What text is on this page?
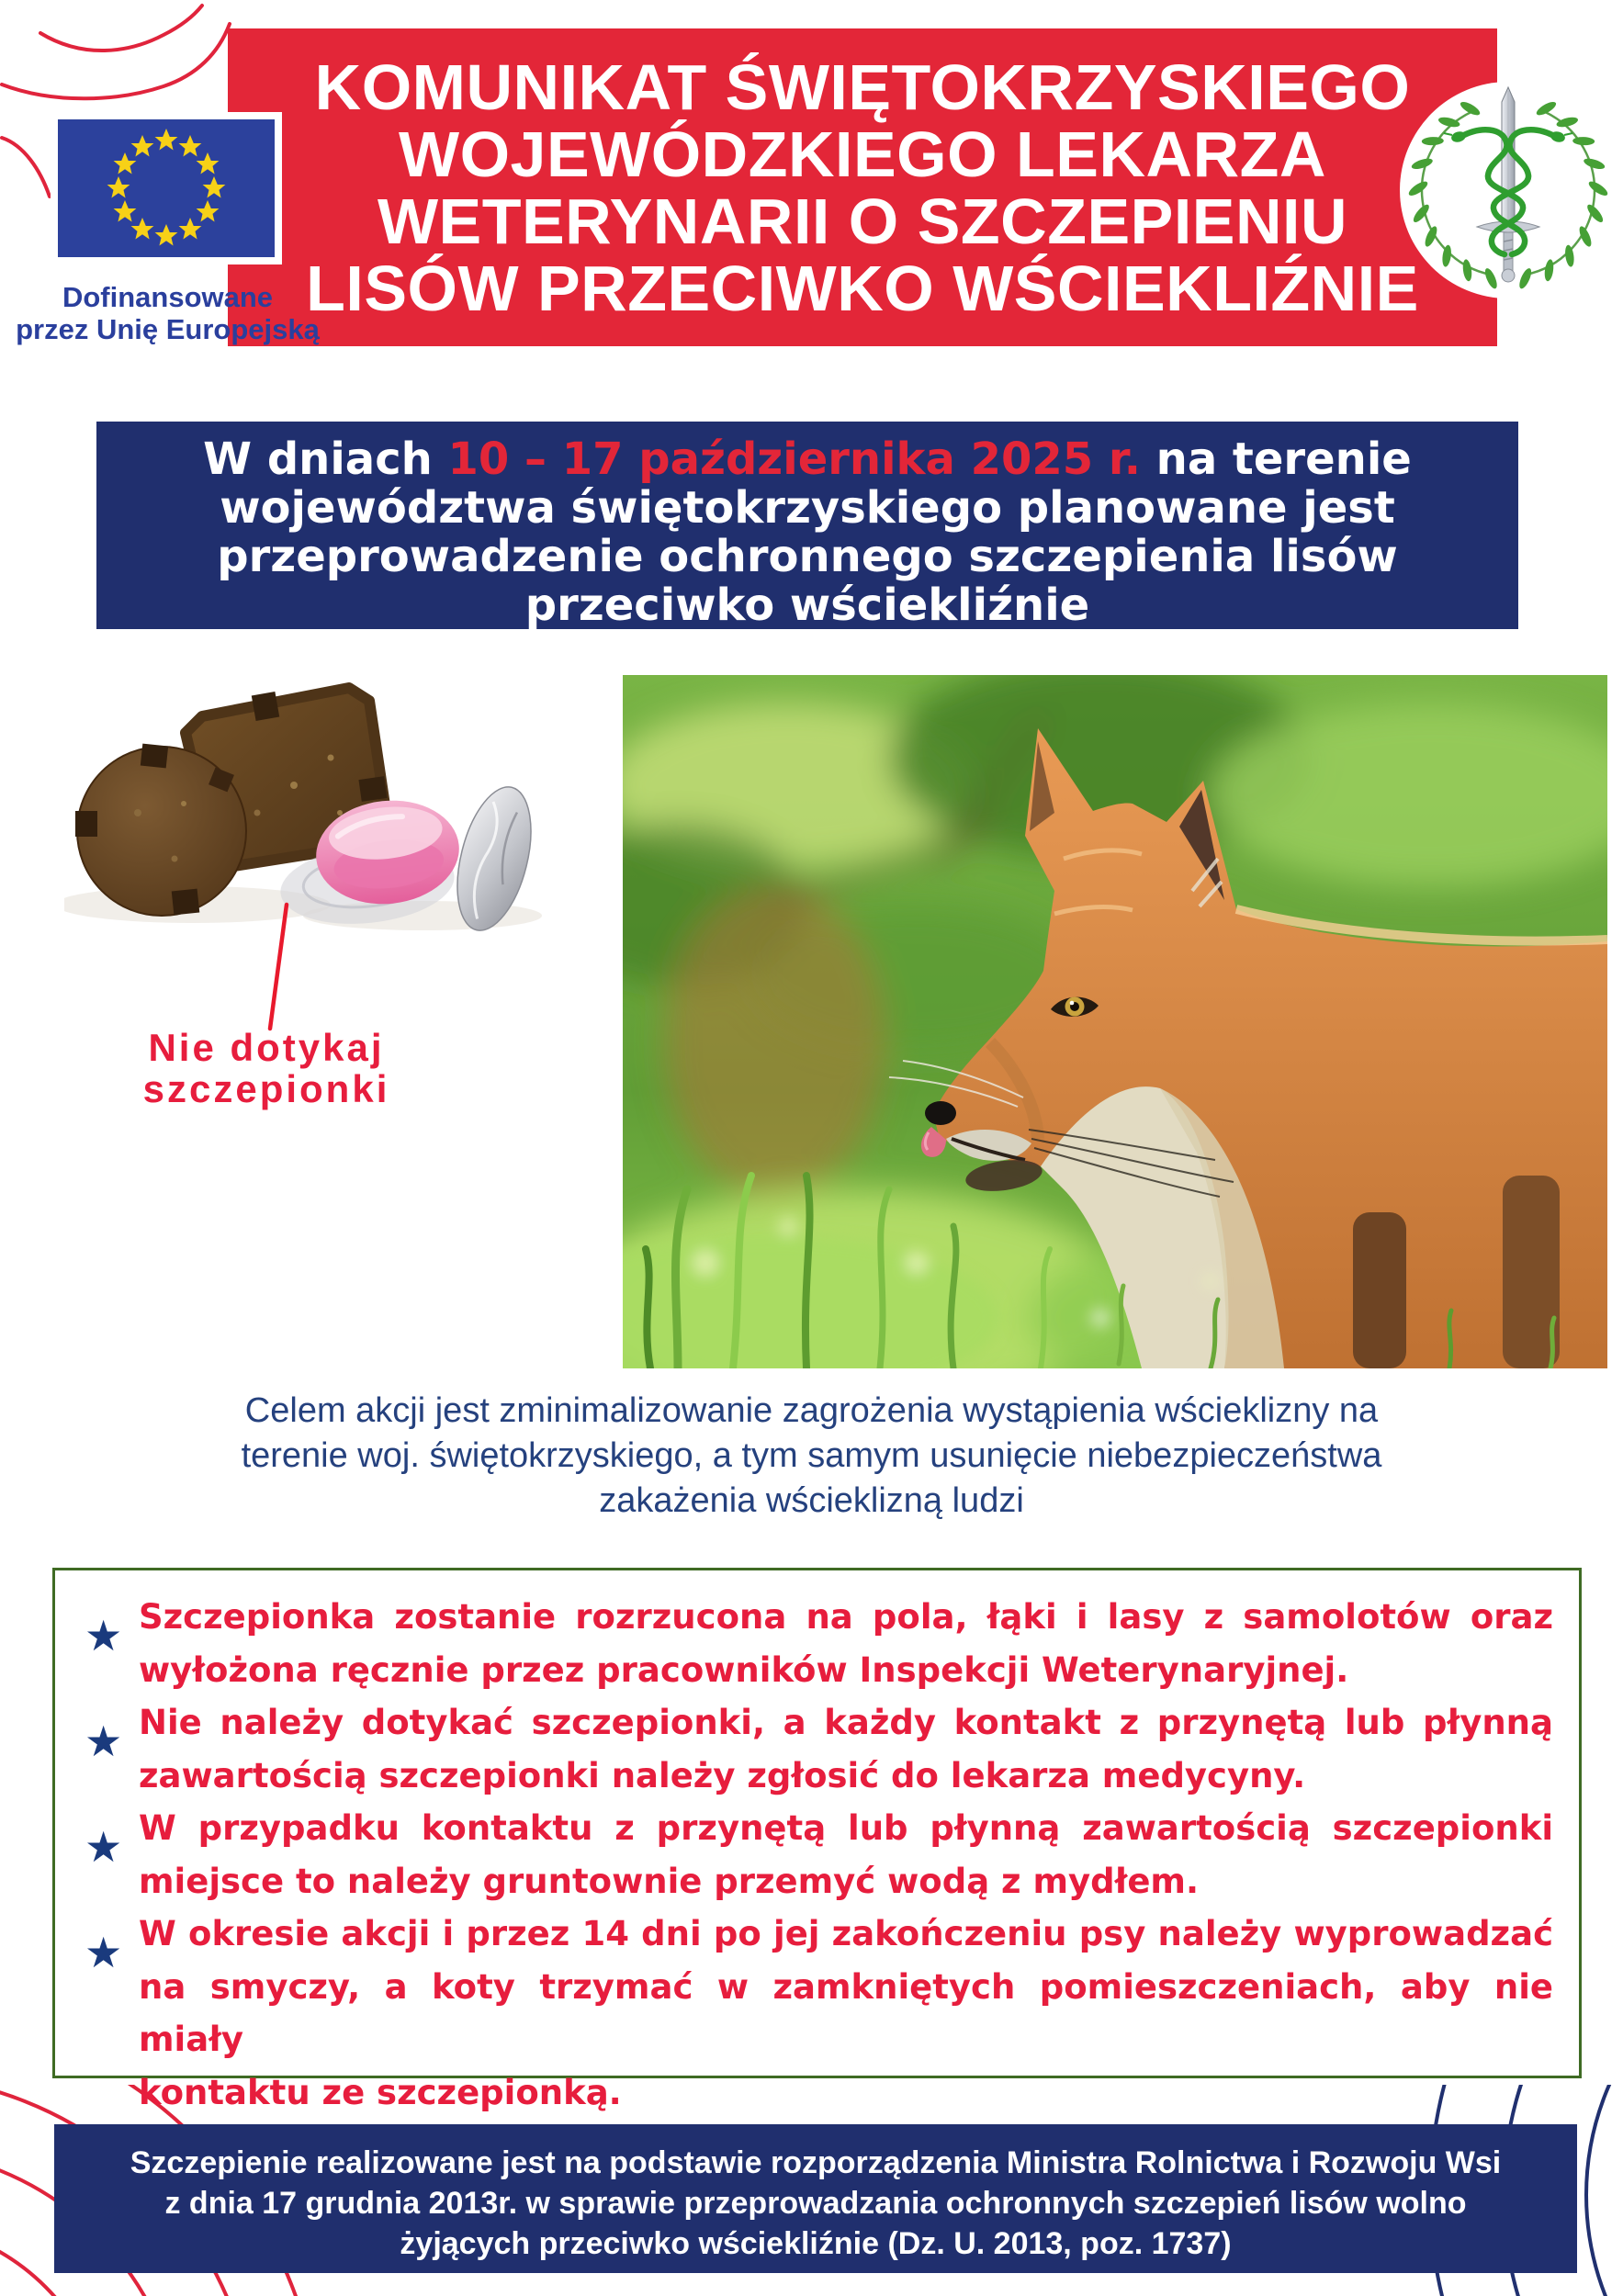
KOMUNIKAT ŚWIĘTOKRZYSKIEGO
WOJEWÓDZKIEGO LEKARZA
WETERYNARII O SZCZEPIENIU
LISÓW PRZECIWKO WŚCIEKLIŹNIE
Dofinansowane
przez Unię Europejską
W dniach 10 – 17 października 2025 r. na terenie
województwa świętokrzyskiego planowane jest
przeprowadzenie ochronnego szczepienia lisów
przeciwko wściekliźnie
Nie dotykaj
szczepionki
Celem akcji jest zminimalizowanie zagrożenia wystąpienia wścieklizny na
terenie woj. świętokrzyskiego, a tym samym usunięcie niebezpieczeństwa
zakażenia wścieklizną ludzi
★ Szczepionka zostanie rozrzucona na pola, łąki i lasy z samolotów oraz
wyłożona ręcznie przez pracowników Inspekcji Weterynaryjnej.
★ Nie należy dotykać szczepionki, a każdy kontakt z przynętą lub płynną
zawartością szczepionki należy zgłosić do lekarza medycyny.
★ W przypadku kontaktu z przynętą lub płynną zawartością szczepionki
miejsce to należy gruntownie przemyć wodą z mydłem.
★ W okresie akcji i przez 14 dni po jej zakończeniu psy należy wyprowadzać
na smyczy, a koty trzymać w zamkniętych pomieszczeniach, aby nie miały
kontaktu ze szczepionką.
Szczepienie realizowane jest na podstawie rozporządzenia Ministra Rolnictwa i Rozwoju Wsi
z dnia 17 grudnia 2013r. w sprawie przeprowadzania ochronnych szczepień lisów wolno
żyjących przeciwko wściekliźnie (Dz. U. 2013, poz. 1737)
